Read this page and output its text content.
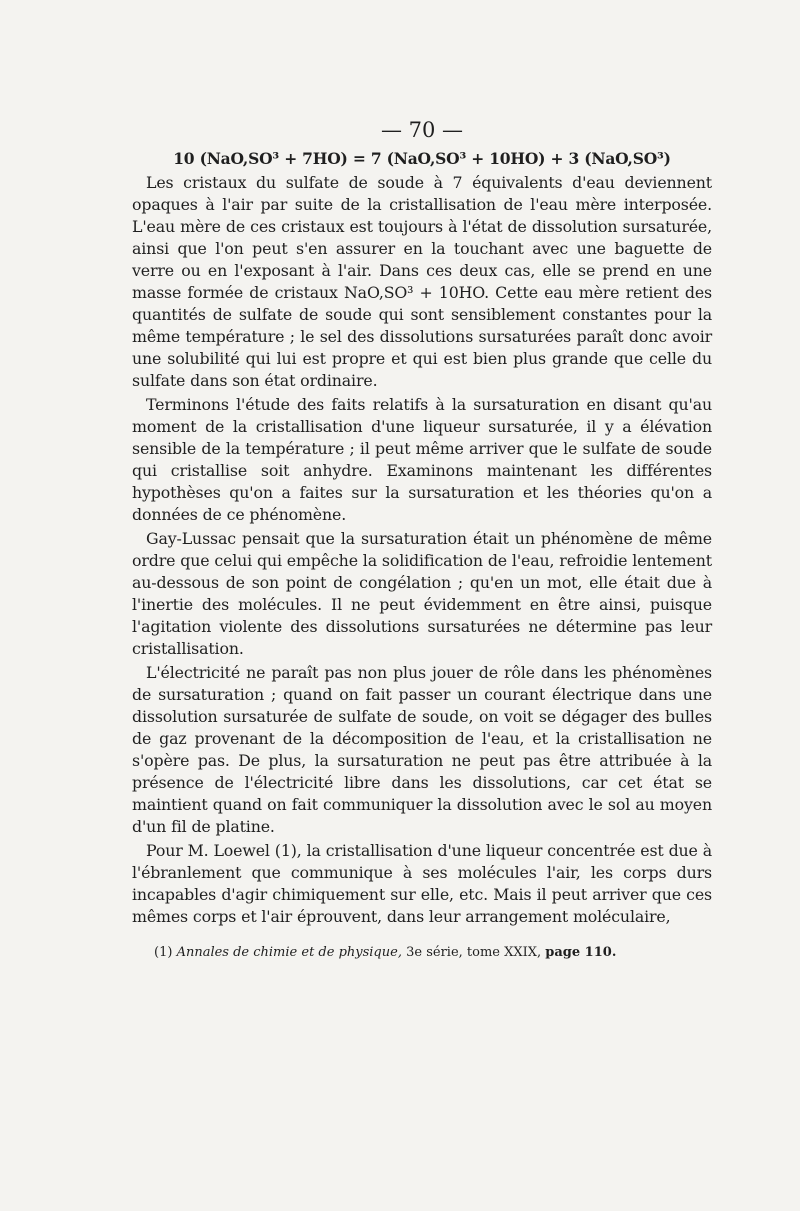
— 70 —
10 (NaO,SO³ + 7HO) = 7 (NaO,SO³ + 10HO) + 3 (NaO,SO³)

Les cristaux du sulfate de soude à 7 équivalents d'eau deviennent opaques à l'air par suite de la cristallisation de l'eau mère interposée. L'eau mère de ces cristaux est toujours à l'état de dissolution sursaturée, ainsi que l'on peut s'en assurer en la touchant avec une baguette de verre ou en l'exposant à l'air. Dans ces deux cas, elle se prend en une masse formée de cristaux NaO,SO³ + 10HO. Cette eau mère retient des quantités de sulfate de soude qui sont sensiblement constantes pour la même température ; le sel des dissolutions sursaturées paraît donc avoir une solubilité qui lui est propre et qui est bien plus grande que celle du sulfate dans son état ordinaire.

Terminons l'étude des faits relatifs à la sursaturation en disant qu'au moment de la cristallisation d'une liqueur sursaturée, il y a élévation sensible de la température ; il peut même arriver que le sulfate de soude qui cristallise soit anhydre. Examinons maintenant les différentes hypothèses qu'on a faites sur la sursaturation et les théories qu'on a données de ce phénomène.

Gay-Lussac pensait que la sursaturation était un phénomène de même ordre que celui qui empêche la solidification de l'eau, refroidie lentement au-dessous de son point de congélation ; qu'en un mot, elle était due à l'inertie des molécules. Il ne peut évidemment en être ainsi, puisque l'agitation violente des dissolutions sursaturées ne détermine pas leur cristallisation.

L'électricité ne paraît pas non plus jouer de rôle dans les phénomènes de sursaturation ; quand on fait passer un courant électrique dans une dissolution sursaturée de sulfate de soude, on voit se dégager des bulles de gaz provenant de la décomposition de l'eau, et la cristallisation ne s'opère pas. De plus, la sursaturation ne peut pas être attribuée à la présence de l'électricité libre dans les dissolutions, car cet état se maintient quand on fait communiquer la dissolution avec le sol au moyen d'un fil de platine.

Pour M. Loewel (1), la cristallisation d'une liqueur concentrée est due à l'ébranlement que communique à ses molécules l'air, les corps durs incapables d'agir chimiquement sur elle, etc. Mais il peut arriver que ces mêmes corps et l'air éprouvent, dans leur arrangement moléculaire,

(1) Annales de chimie et de physique, 3e série, tome XXIX, page 110.
